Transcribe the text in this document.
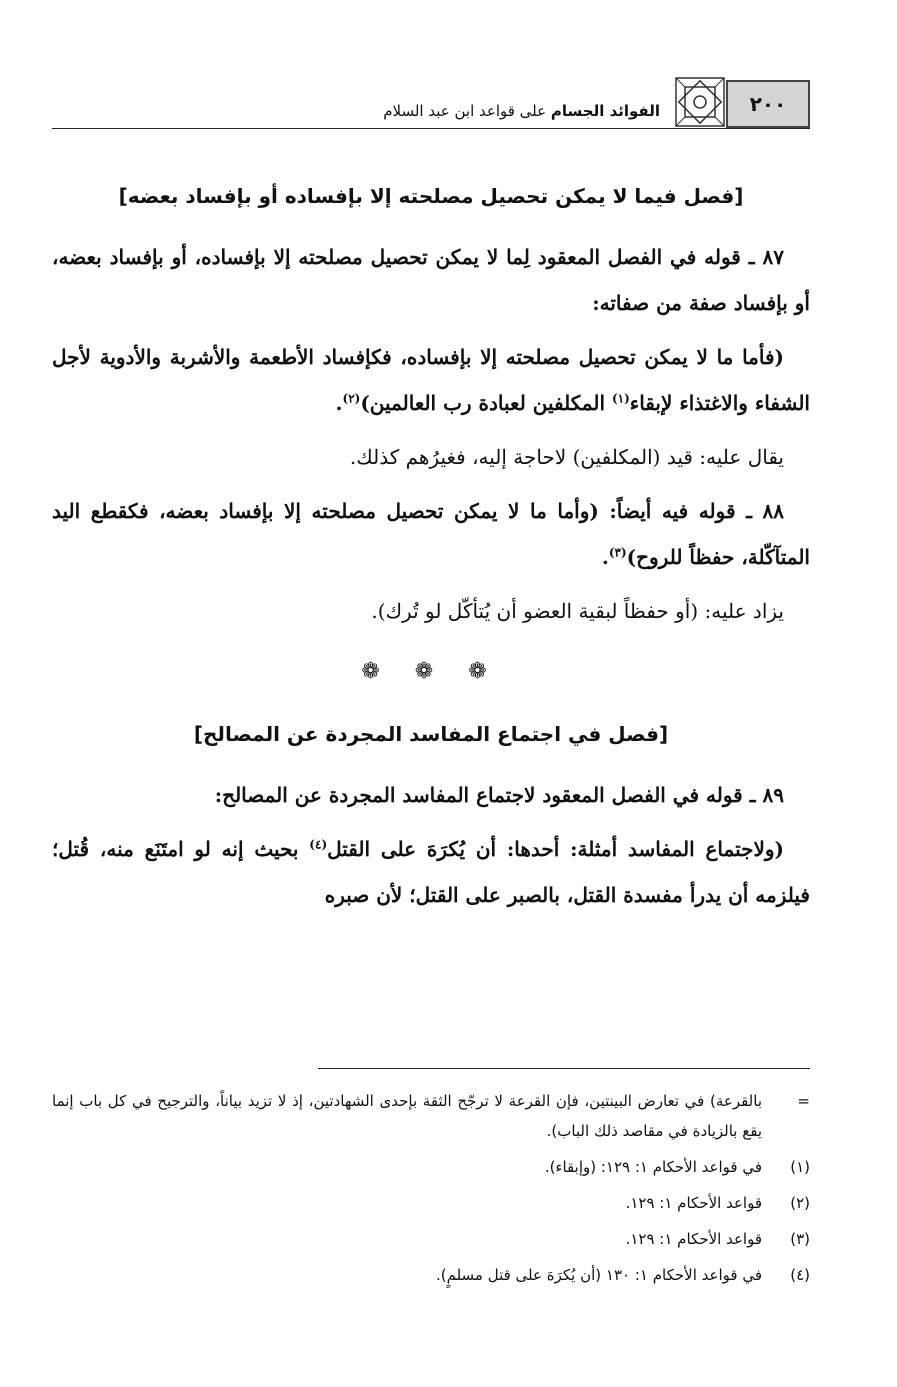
٢٠٠
الفوائد الجسام على قواعد ابن عبد السلام
[فصل فيما لا يمكن تحصيل مصلحته إلا بإفساده أو بإفساد بعضه]

٨٧ ـ قوله في الفصل المعقود لِما لا يمكن تحصيل مصلحته إلا بإفساده، أو بإفساد بعضه، أو بإفساد صفة من صفاته:

(فأما ما لا يمكن تحصيل مصلحته إلا بإفساده، فكإفساد الأطعمة والأشربة والأدوية لأجل الشفاء والاغتذاء لإبقاء$^{(١)}$ المكلفين لعبادة رب العالمين)$^{(٢)}$.

يقال عليه: قيد (المكلفين) لاحاجة إليه، فغيرُهم كذلك.

٨٨ ـ قوله فيه أيضاً: (وأما ما لا يمكن تحصيل مصلحته إلا بإفساد بعضه، فكقطع اليد المتآكّلة، حفظاً للروح)$^{(٣)}$.

يزاد عليه: (أو حفظاً لبقية العضو أن يُتأكّل لو تُرك).

❁ ❁ ❁
[فصل في اجتماع المفاسد المجردة عن المصالح]

٨٩ ـ قوله في الفصل المعقود لاجتماع المفاسد المجردة عن المصالح:

(ولاجتماع المفاسد أمثلة: أحدها: أن يُكرَهَ على القتل$^{(٤)}$ بحيث إنه لو امتَنَع منه، قُتل؛ فيلزمه أن يدرأ مفسدة القتل، بالصبر على القتل؛ لأن صبره

=
بالقرعة) في تعارض البينتين، فإن القرعة لا ترجّح الثقة بإحدى الشهادتين، إذ لا تزيد بياناً، والترجيح في كل باب إنما يقع بالزيادة في مقاصد ذلك الباب).
(١)
في قواعد الأحكام ١: ١٢٩: (وإبقاء).
(٢)
قواعد الأحكام ١: ١٢٩.
(٣)
قواعد الأحكام ١: ١٢٩.
(٤)
في قواعد الأحكام ١: ١٣٠ (أن يُكرَهَ على قتل مسلمٍ).
